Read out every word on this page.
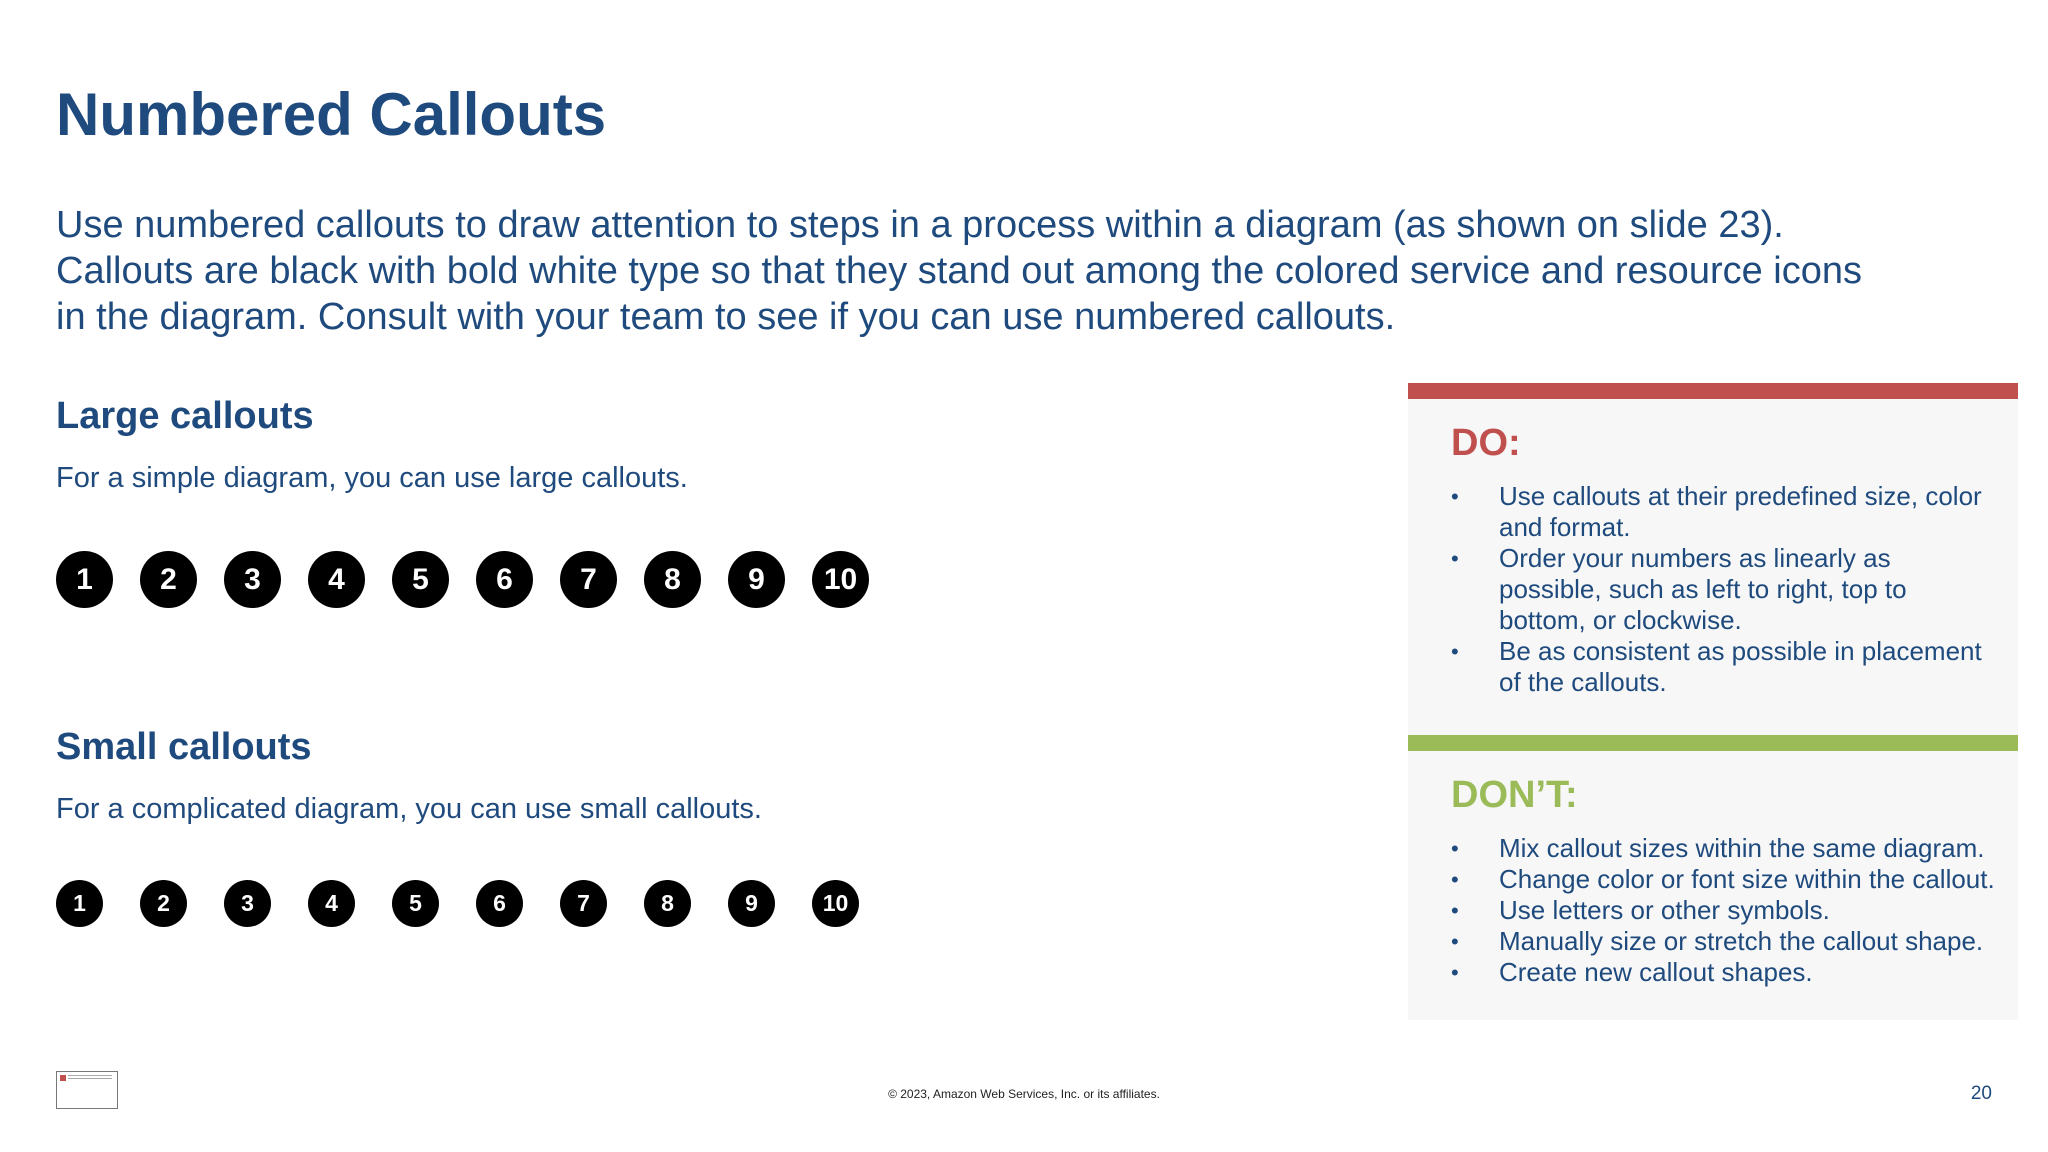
Numbered Callouts
Use numbered callouts to draw attention to steps in a process within a diagram (as shown on slide 23).
Callouts are black with bold white type so that they stand out among the colored service and resource icons
in the diagram. Consult with your team to see if you can use numbered callouts.
Large callouts
For a simple diagram, you can use large callouts.
1	2	3	4	5	6	7	8	9	10
Small callouts
For a complicated diagram, you can use small callouts.
1	2	3	4	5	6	7	8	9	10
DO:
• Use callouts at their predefined size, color
and format.
• Order your numbers as linearly as
possible, such as left to right, top to
bottom, or clockwise.
• Be as consistent as possible in placement
of the callouts.
DON’T:
• Mix callout sizes within the same diagram.
• Change color or font size within the callout.
• Use letters or other symbols.
• Manually size or stretch the callout shape.
• Create new callout shapes.
© 2023, Amazon Web Services, Inc. or its affiliates.	20
